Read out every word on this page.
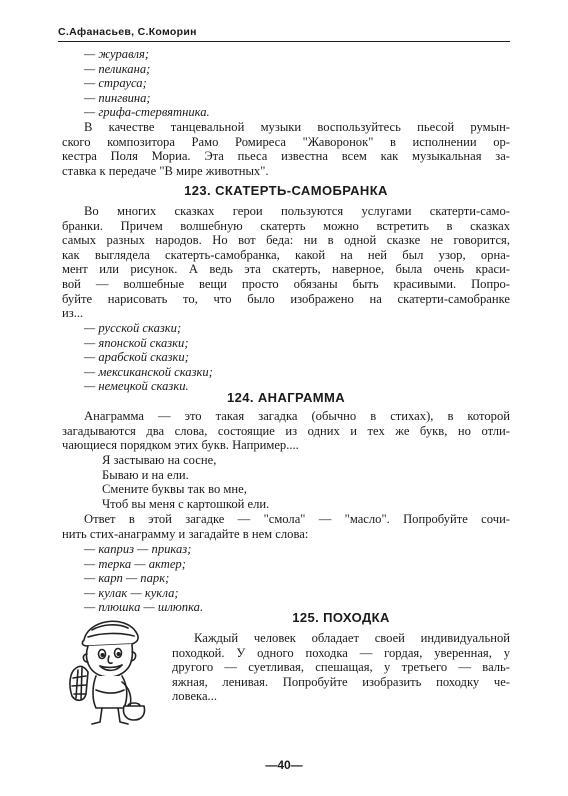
С.Афанасьев, С.Коморин
— журавля;
— пеликана;
— страуса;
— пингвина;
— грифа-стервятника.
В качестве танцевальной музыки воспользуйтесь пьесой румын-
ского композитора Рамо Ромиреса "Жаворонок" в исполнении ор-
кестра Поля Мориа. Эта пьеса известна всем как музыкальная за-
ставка к передаче "В мире животных".
123. СКАТЕРТЬ-САМОБРАНКА
Во многих сказках герои пользуются услугами скатерти-само-
бранки. Причем волшебную скатерть можно встретить в сказках
самых разных народов. Но вот беда: ни в одной сказке не говорится,
как выглядела скатерть-самобранка, какой на ней был узор, орна-
мент или рисунок. А ведь эта скатерть, наверное, была очень краси-
вой — волшебные вещи просто обязаны быть красивыми. Попро-
буйте нарисовать то, что было изображено на скатерти-самобранке
из...
— русской сказки;
— японской сказки;
— арабской сказки;
— мексиканской сказки;
— немецкой сказки.
124. АНАГРАММА
Анаграмма — это такая загадка (обычно в стихах), в которой
загадываются два слова, состоящие из одних и тех же букв, но отли-
чающиеся порядком этих букв. Например....
Я застываю на сосне,
Бываю и на ели.
Смените буквы так во мне,
Чтоб вы меня с картошкой ели.
Ответ в этой загадке — "смола" — "масло". Попробуйте сочи-
нить стих-анаграмму и загадайте в нем слова:
— каприз — приказ;
— терка — актер;
— карп — парк;
— кулак — кукла;
— плюшка — шлюпка.
125. ПОХОДКА
Каждый человек обладает своей индивидуальной
походкой. У одного походка — гордая, уверенная, у
другого — суетливая, спешащая, у третьего — валь-
яжная, ленивая. Попробуйте изобразить походку че-
ловека...
—40—
